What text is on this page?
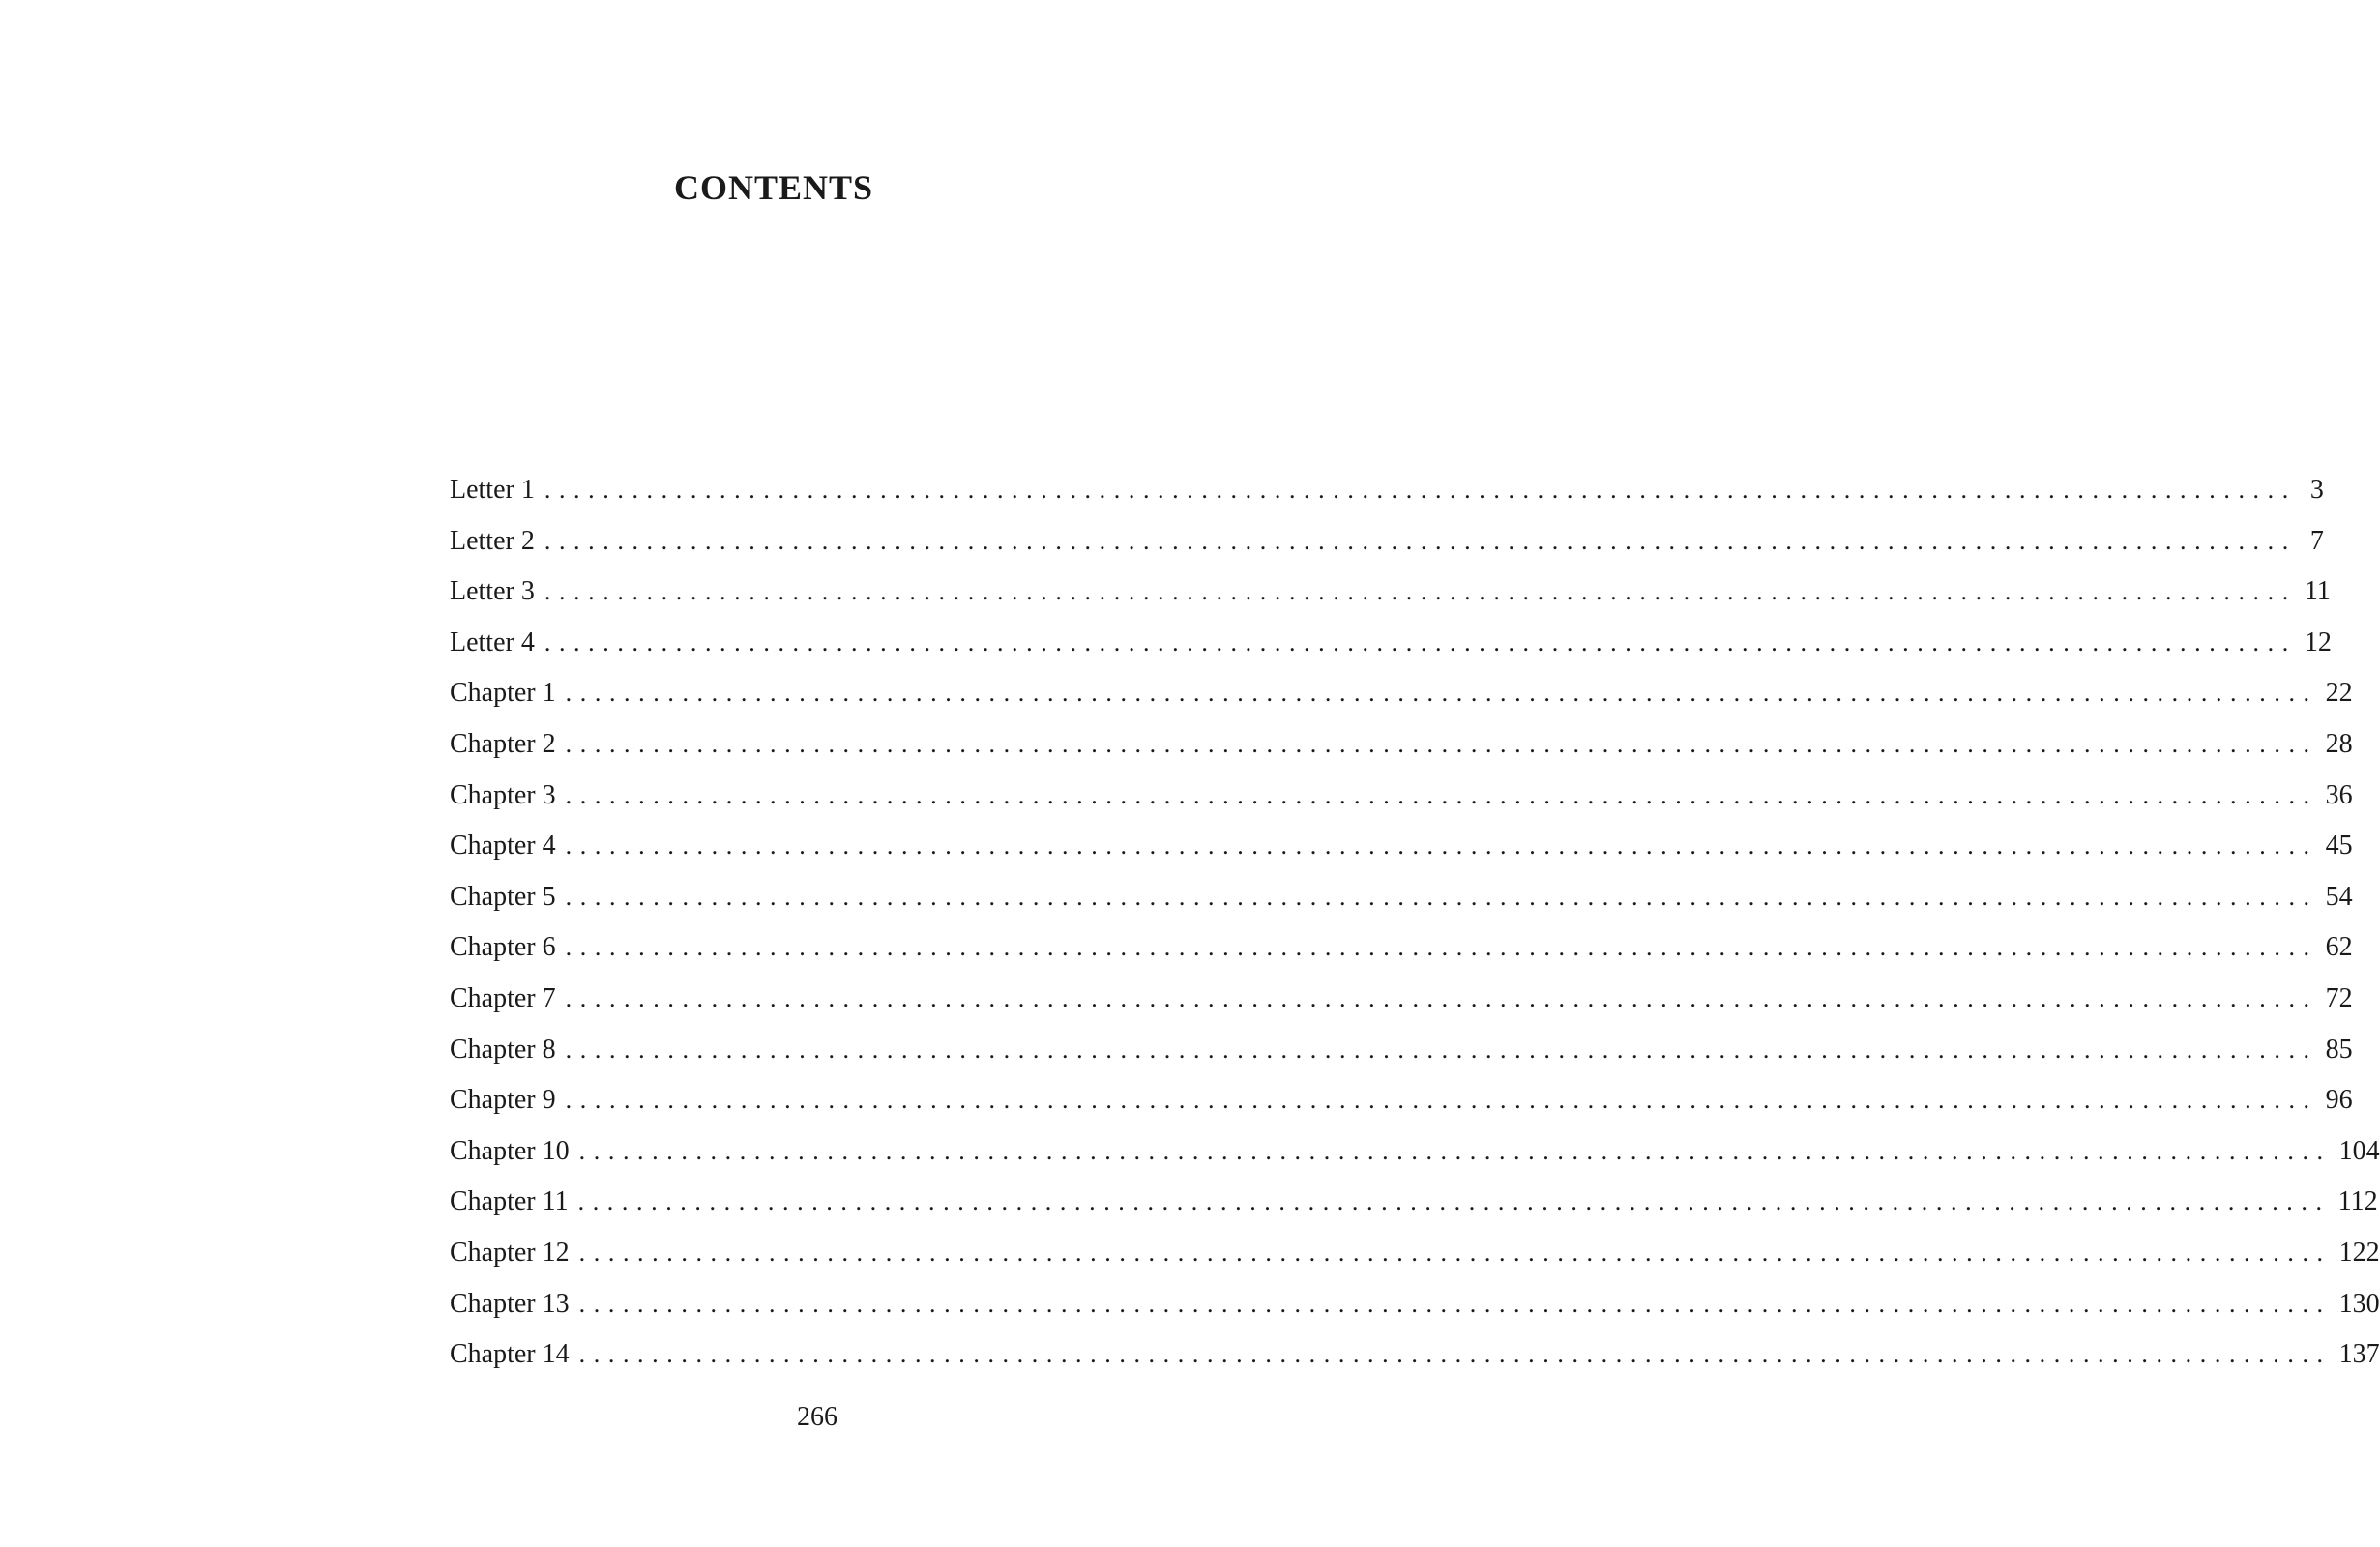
CONTENTS
Letter 1 ........................................................................................................................ 3
Letter 2 ........................................................................................................................ 7
Letter 3 ........................................................................................................................ 11
Letter 4 ........................................................................................................................ 12
Chapter 1 ........................................................................................................................ 22
Chapter 2 ........................................................................................................................ 28
Chapter 3 ........................................................................................................................ 36
Chapter 4 ........................................................................................................................ 45
Chapter 5 ........................................................................................................................ 54
Chapter 6 ........................................................................................................................ 62
Chapter 7 ........................................................................................................................ 72
Chapter 8 ........................................................................................................................ 85
Chapter 9 ........................................................................................................................ 96
Chapter 10 ........................................................................................................................ 104
Chapter 11 ........................................................................................................................ 112
Chapter 12 ........................................................................................................................ 122
Chapter 13 ........................................................................................................................ 130
Chapter 14 ........................................................................................................................ 137
266
